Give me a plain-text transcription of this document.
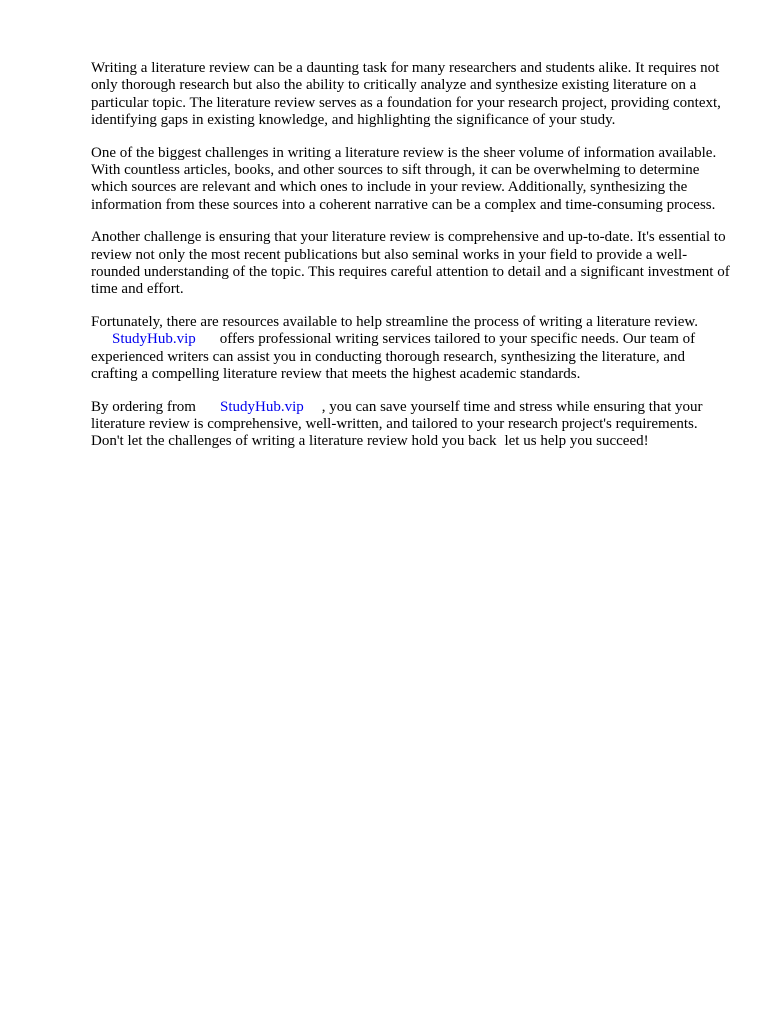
Writing a literature review can be a daunting task for many researchers and students alike. It requires not only thorough research but also the ability to critically analyze and synthesize existing literature on a particular topic. The literature review serves as a foundation for your research project, providing context, identifying gaps in existing knowledge, and highlighting the significance of your study.

One of the biggest challenges in writing a literature review is the sheer volume of information available. With countless articles, books, and other sources to sift through, it can be overwhelming to determine which sources are relevant and which ones to include in your review. Additionally, synthesizing the information from these sources into a coherent narrative can be a complex and time-consuming process.

Another challenge is ensuring that your literature review is comprehensive and up-to-date. It's essential to review not only the most recent publications but also seminal works in your field to provide a well-rounded understanding of the topic. This requires careful attention to detail and a significant investment of time and effort.

Fortunately, there are resources available to help streamline the process of writing a literature review.
StudyHub.vip offers professional writing services tailored to your specific needs. Our team of experienced writers can assist you in conducting thorough research, synthesizing the literature, and crafting a compelling literature review that meets the highest academic standards.

By ordering from StudyHub.vip , you can save yourself time and stress while ensuring that your literature review is comprehensive, well-written, and tailored to your research project's requirements. Don't let the challenges of writing a literature review hold you back let us help you succeed!
